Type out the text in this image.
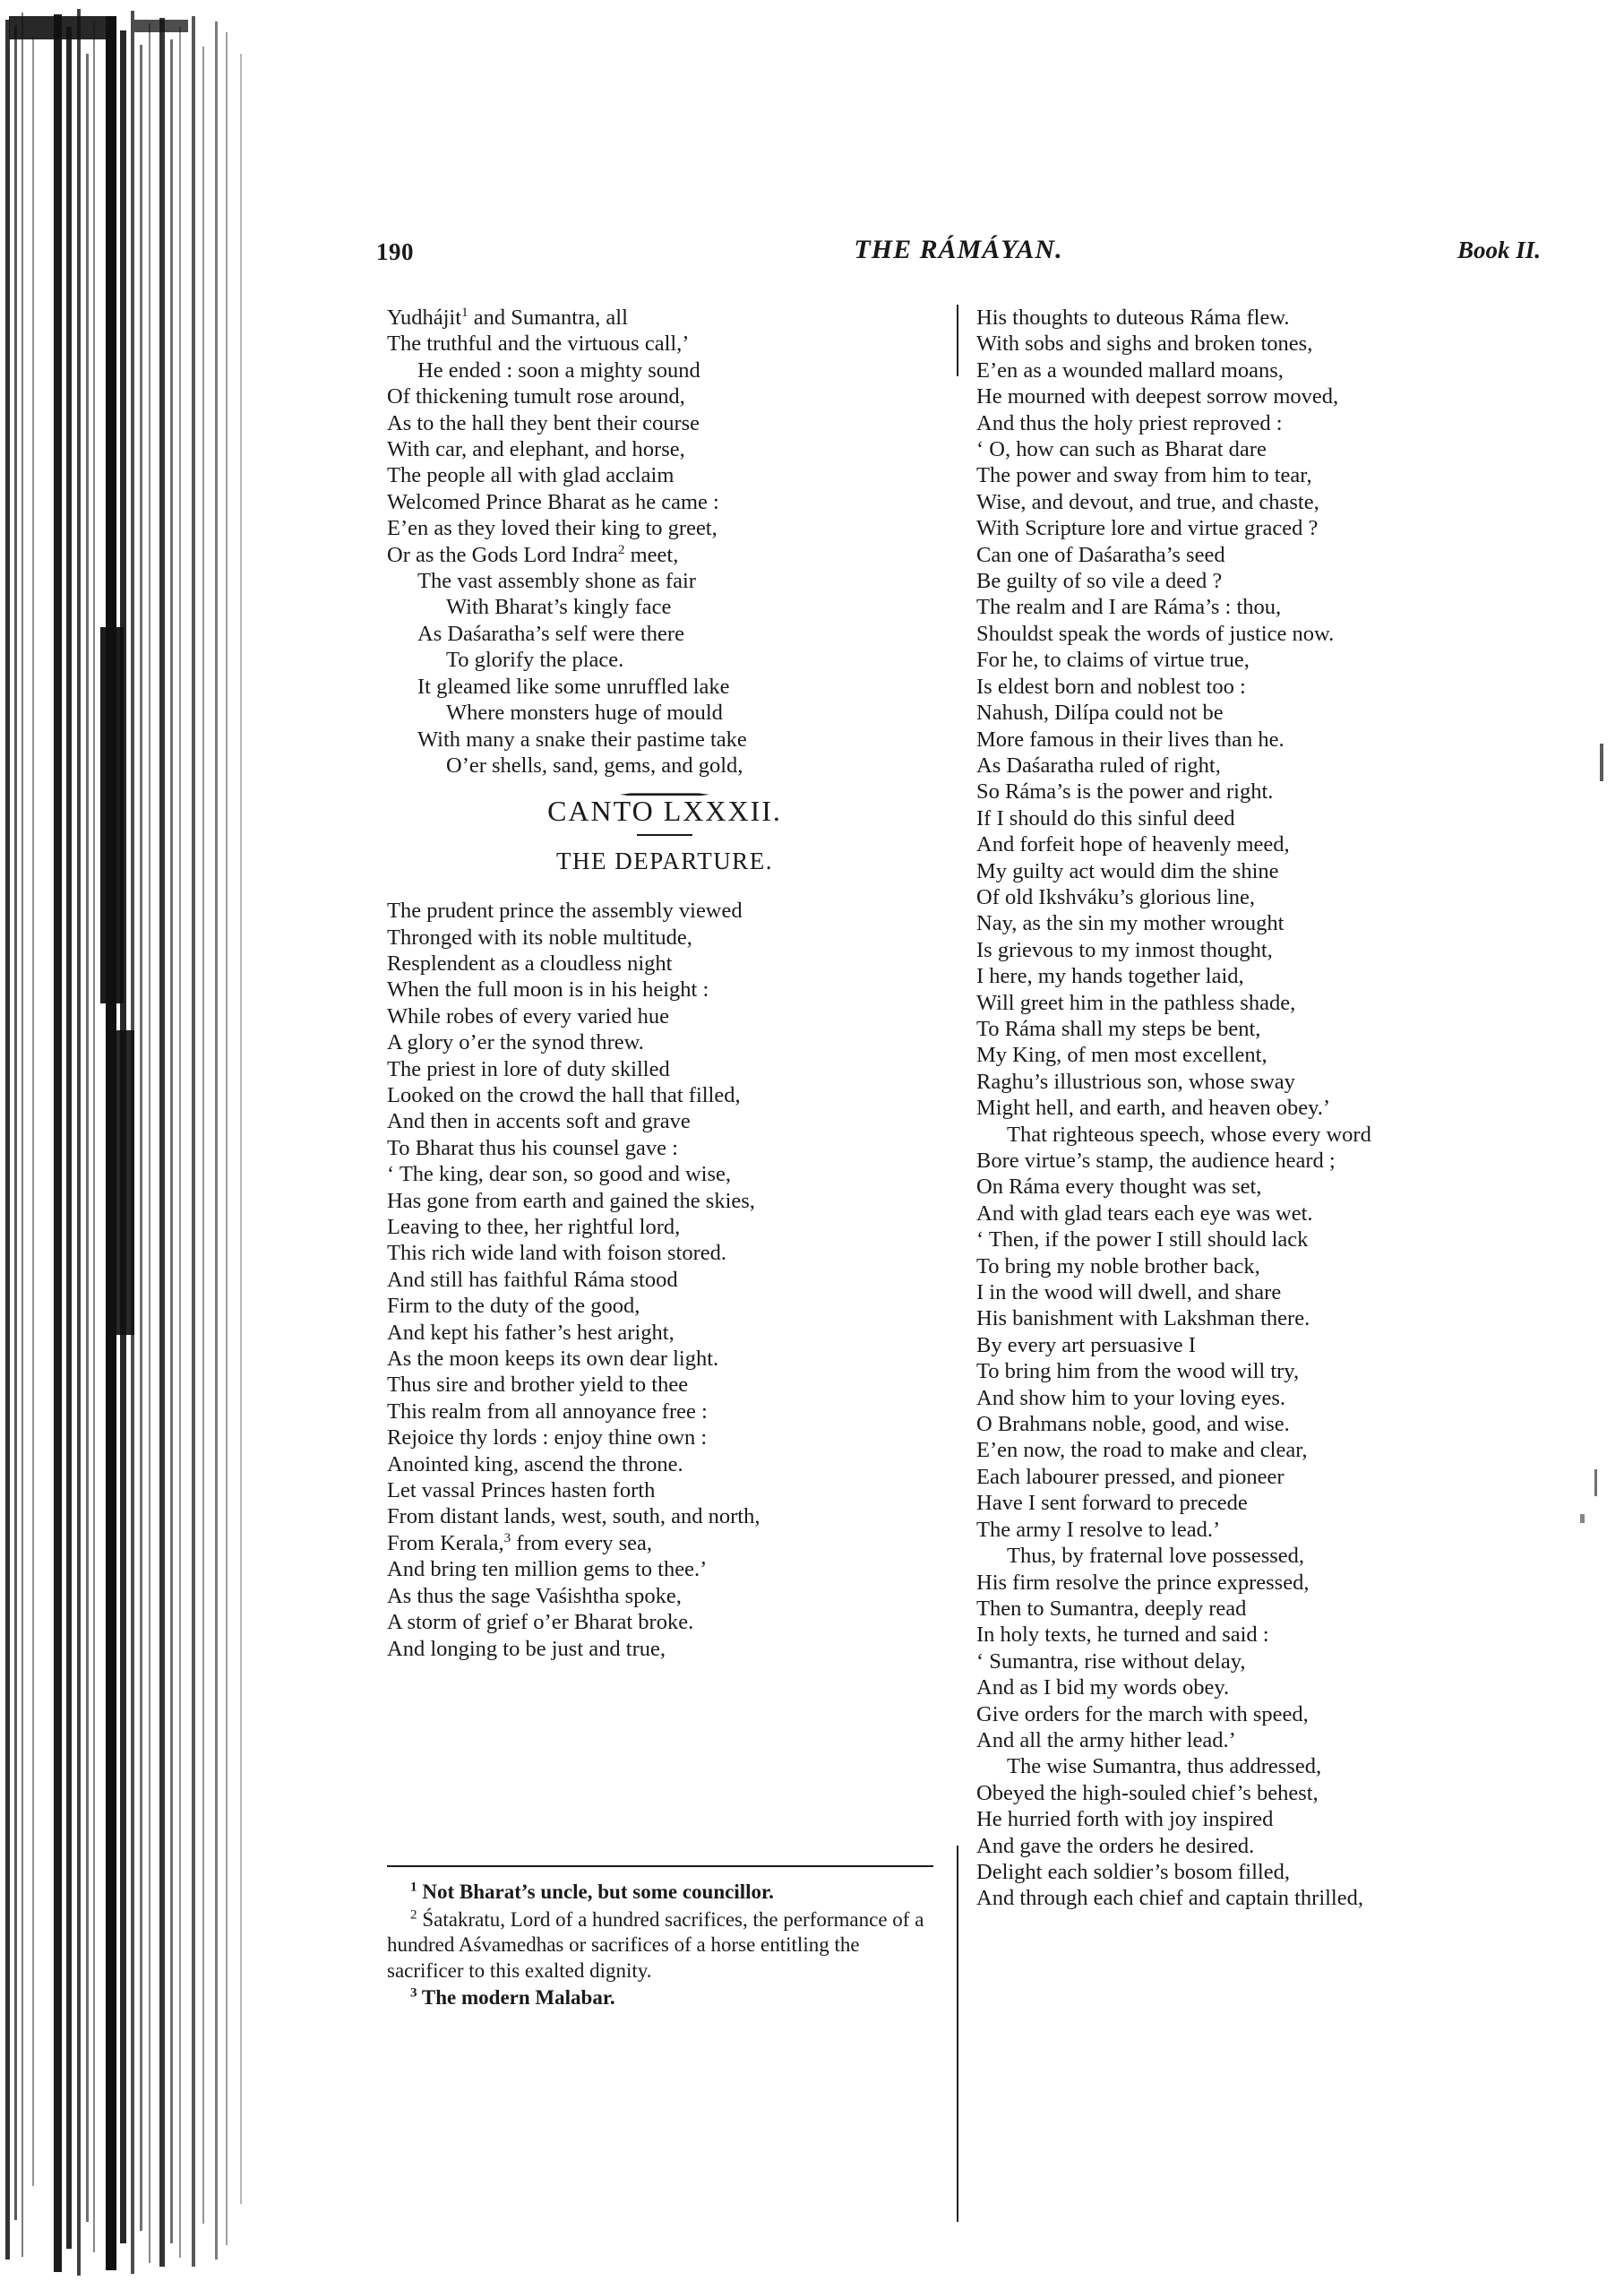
190	THE RÁMÁYAN.	Book II.
Yudhájit$^1$ and Sumantra, all
The truthful and the virtuous call,’
He ended : soon a mighty sound
Of thickening tumult rose around,
As to the hall they bent their course
With car, and elephant, and horse,
The people all with glad acclaim
Welcomed Prince Bharat as he came :
E’en as they loved their king to greet,
Or as the Gods Lord Indra$^2$ meet,
The vast assembly shone as fair
With Bharat’s kingly face
As Daśaratha’s self were there
To glorify the place.
It gleamed like some unruffled lake
Where monsters huge of mould
With many a snake their pastime take
O’er shells, sand, gems, and gold,
CANTO LXXXII.
THE DEPARTURE.
The prudent prince the assembly viewed
Thronged with its noble multitude,
Resplendent as a cloudless night
When the full moon is in his height :
While robes of every varied hue
A glory o’er the synod threw.
The priest in lore of duty skilled
Looked on the crowd the hall that filled,
And then in accents soft and grave
To Bharat thus his counsel gave :
‘ The king, dear son, so good and wise,
Has gone from earth and gained the skies,
Leaving to thee, her rightful lord,
This rich wide land with foison stored.
And still has faithful Ráma stood
Firm to the duty of the good,
And kept his father’s hest aright,
As the moon keeps its own dear light.
Thus sire and brother yield to thee
This realm from all annoyance free :
Rejoice thy lords : enjoy thine own :
Anointed king, ascend the throne.
Let vassal Princes hasten forth
From distant lands, west, south, and north,
From Kerala,$^3$ from every sea,
And bring ten million gems to thee.’
As thus the sage Vaśishtha spoke,
A storm of grief o’er Bharat broke.
And longing to be just and true,
$^1$ Not Bharat’s uncle, but some councillor.
$^2$ Śatakratu, Lord of a hundred sacrifices, the performance of a hundred Aśvamedhas or sacrifices of a horse entitling the sacrificer to this exalted dignity.
$^3$ The modern Malabar.
His thoughts to duteous Ráma flew.
With sobs and sighs and broken tones,
E’en as a wounded mallard moans,
He mourned with deepest sorrow moved,
And thus the holy priest reproved :
‘ O, how can such as Bharat dare
The power and sway from him to tear,
Wise, and devout, and true, and chaste,
With Scripture lore and virtue graced ?
Can one of Daśaratha’s seed
Be guilty of so vile a deed ?
The realm and I are Ráma’s : thou,
Shouldst speak the words of justice now.
For he, to claims of virtue true,
Is eldest born and noblest too :
Nahush, Dilípa could not be
More famous in their lives than he.
As Daśaratha ruled of right,
So Ráma’s is the power and right.
If I should do this sinful deed
And forfeit hope of heavenly meed,
My guilty act would dim the shine
Of old Ikshváku’s glorious line,
Nay, as the sin my mother wrought
Is grievous to my inmost thought,
I here, my hands together laid,
Will greet him in the pathless shade,
To Ráma shall my steps be bent,
My King, of men most excellent,
Raghu’s illustrious son, whose sway
Might hell, and earth, and heaven obey.’
That righteous speech, whose every word
Bore virtue’s stamp, the audience heard ;
On Ráma every thought was set,
And with glad tears each eye was wet.
‘ Then, if the power I still should lack
To bring my noble brother back,
I in the wood will dwell, and share
His banishment with Lakshman there.
By every art persuasive I
To bring him from the wood will try,
And show him to your loving eyes.
O Brahmans noble, good, and wise.
E’en now, the road to make and clear,
Each labourer pressed, and pioneer
Have I sent forward to precede
The army I resolve to lead.’
Thus, by fraternal love possessed,
His firm resolve the prince expressed,
Then to Sumantra, deeply read
In holy texts, he turned and said :
‘ Sumantra, rise without delay,
And as I bid my words obey.
Give orders for the march with speed,
And all the army hither lead.’
The wise Sumantra, thus addressed,
Obeyed the high-souled chief’s behest,
He hurried forth with joy inspired
And gave the orders he desired.
Delight each soldier’s bosom filled,
And through each chief and captain thrilled,
